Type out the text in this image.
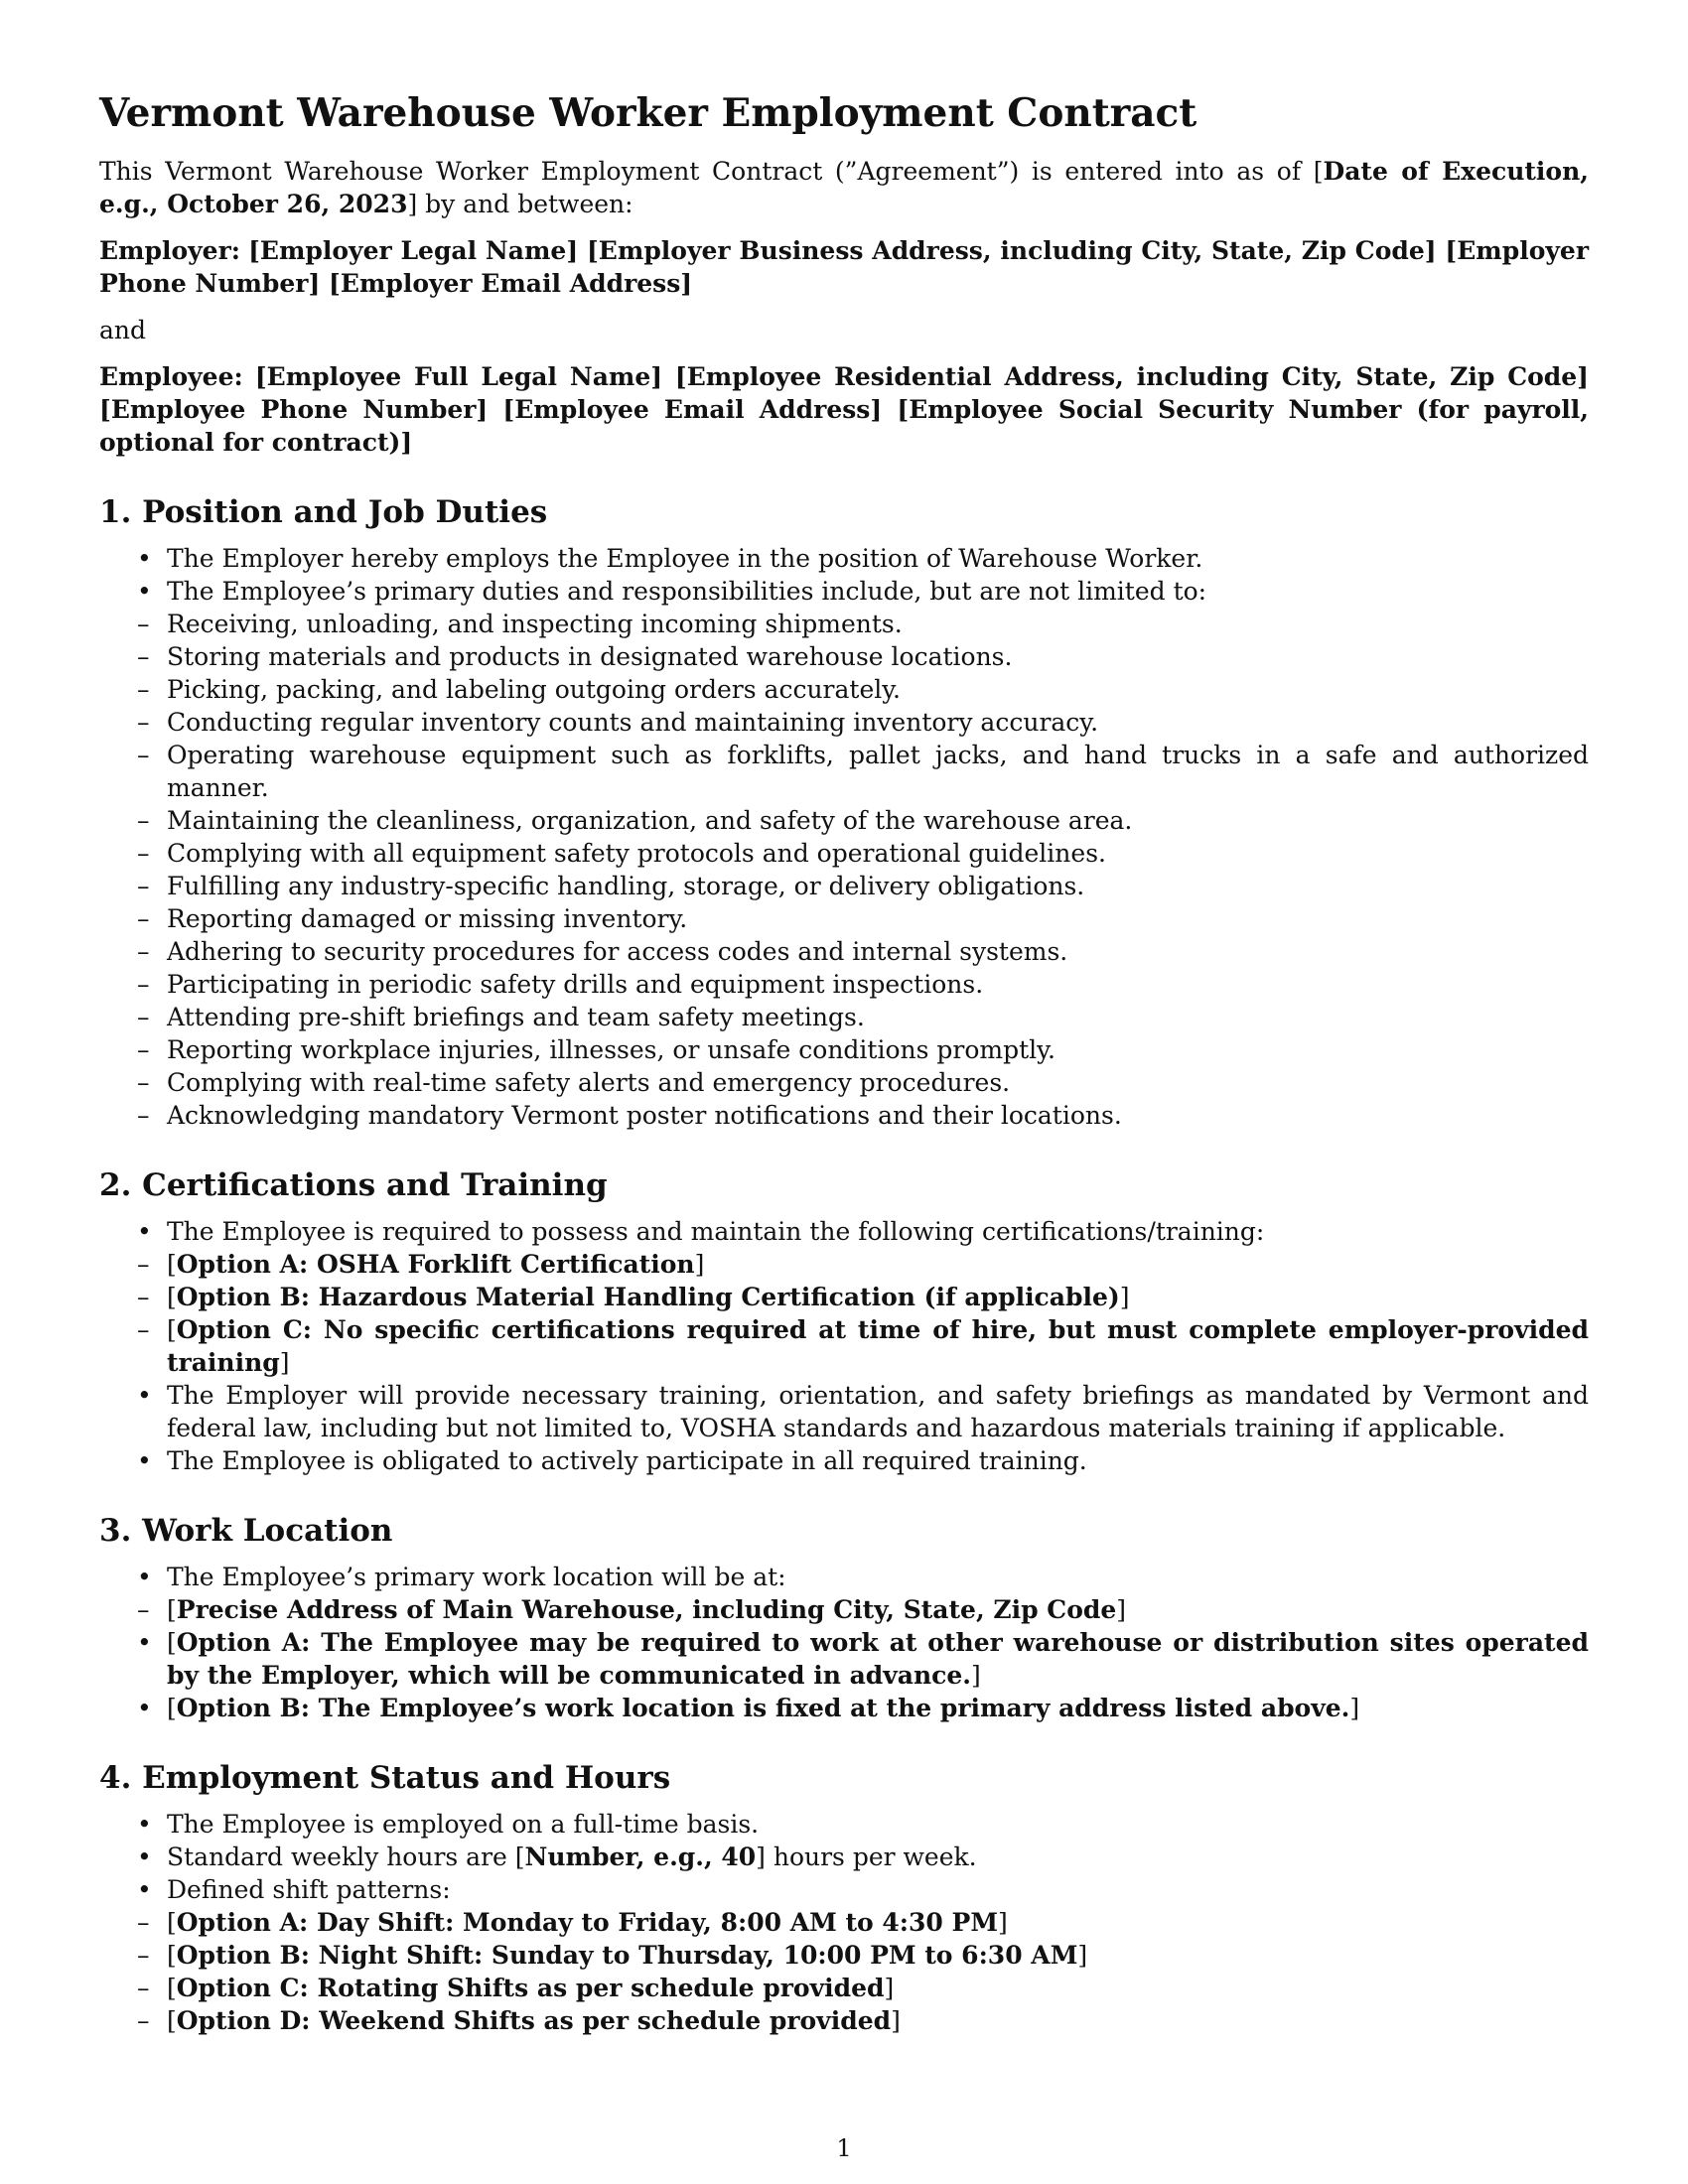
Vermont Warehouse Worker Employment Contract

This Vermont Warehouse Worker Employment Contract (”Agreement”) is entered into as of [Date of Execution, e.g., October 26, 2023] by and between:

Employer: [Employer Legal Name] [Employer Business Address, including City, State, Zip Code] [Employer Phone Number] [Employer Email Address]

and

Employee: [Employee Full Legal Name] [Employee Residential Address, including City, State, Zip Code] [Employee Phone Number] [Employee Email Address] [Employee Social Security Number (for payroll, optional for contract)]

1. Position and Job Duties
• The Employer hereby employs the Employee in the position of Warehouse Worker.
• The Employee’s primary duties and responsibilities include, but are not limited to:
– Receiving, unloading, and inspecting incoming shipments.
– Storing materials and products in designated warehouse locations.
– Picking, packing, and labeling outgoing orders accurately.
– Conducting regular inventory counts and maintaining inventory accuracy.
– Operating warehouse equipment such as forklifts, pallet jacks, and hand trucks in a safe and authorized manner.
– Maintaining the cleanliness, organization, and safety of the warehouse area.
– Complying with all equipment safety protocols and operational guidelines.
– Fulfilling any industry-specific handling, storage, or delivery obligations.
– Reporting damaged or missing inventory.
– Adhering to security procedures for access codes and internal systems.
– Participating in periodic safety drills and equipment inspections.
– Attending pre-shift briefings and team safety meetings.
– Reporting workplace injuries, illnesses, or unsafe conditions promptly.
– Complying with real-time safety alerts and emergency procedures.
– Acknowledging mandatory Vermont poster notifications and their locations.
2. Certifications and Training
• The Employee is required to possess and maintain the following certifications/training:
– [Option A: OSHA Forklift Certification]
– [Option B: Hazardous Material Handling Certification (if applicable)]
– [Option C: No specific certifications required at time of hire, but must complete employer-provided training]
• The Employer will provide necessary training, orientation, and safety briefings as mandated by Vermont and federal law, including but not limited to, VOSHA standards and hazardous materials training if applicable.
• The Employee is obligated to actively participate in all required training.
3. Work Location
• The Employee’s primary work location will be at:
– [Precise Address of Main Warehouse, including City, State, Zip Code]
• [Option A: The Employee may be required to work at other warehouse or distribution sites operated by the Employer, which will be communicated in advance.]
• [Option B: The Employee’s work location is fixed at the primary address listed above.]
4. Employment Status and Hours
• The Employee is employed on a full-time basis.
• Standard weekly hours are [Number, e.g., 40] hours per week.
• Defined shift patterns:
– [Option A: Day Shift: Monday to Friday, 8:00 AM to 4:30 PM]
– [Option B: Night Shift: Sunday to Thursday, 10:00 PM to 6:30 AM]
– [Option C: Rotating Shifts as per schedule provided]
– [Option D: Weekend Shifts as per schedule provided]
1
